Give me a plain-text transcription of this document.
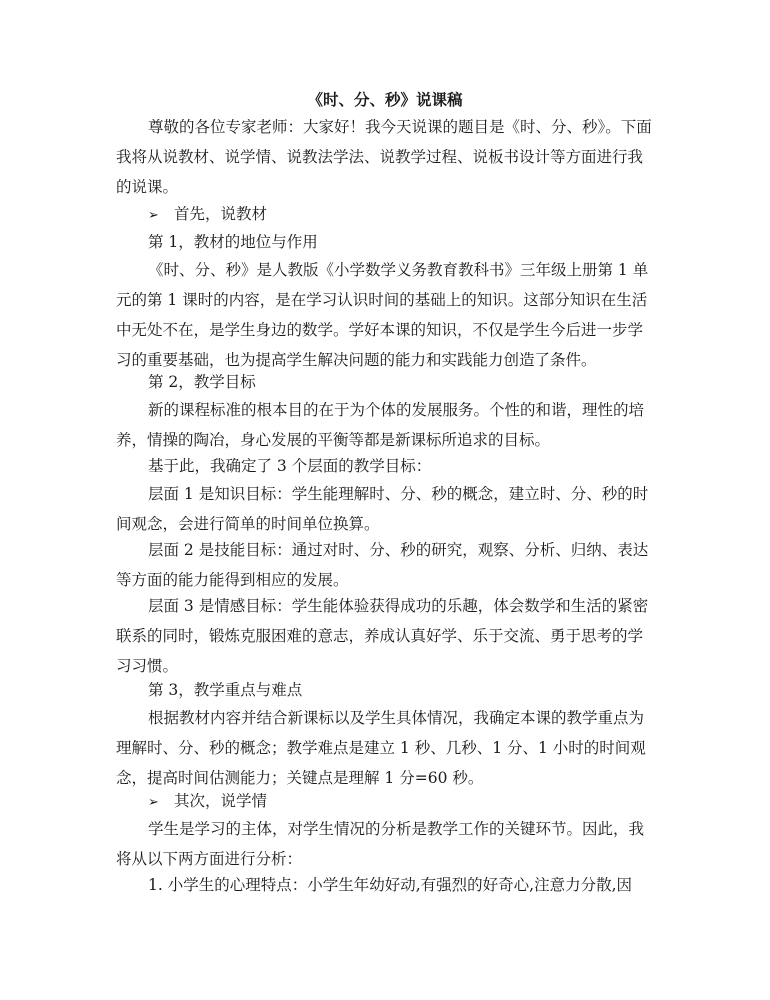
《时、分、秒》说课稿

尊敬的各位专家老师：大家好！我今天说课的题目是《时、分、秒》。下面我将从说教材、说学情、说教法学法、说教学过程、说板书设计等方面进行我的说课。

➢ 首先，说教材

第 1，教材的地位与作用

《时、分、秒》是人教版《小学数学义务教育教科书》三年级上册第 1 单元的第 1 课时的内容，是在学习认识时间的基础上的知识。这部分知识在生活中无处不在，是学生身边的数学。学好本课的知识，不仅是学生今后进一步学习的重要基础，也为提高学生解决问题的能力和实践能力创造了条件。

第 2，教学目标

新的课程标准的根本目的在于为个体的发展服务。个性的和谐，理性的培养，情操的陶冶，身心发展的平衡等都是新课标所追求的目标。

基于此，我确定了 3 个层面的教学目标：

层面 1 是知识目标：学生能理解时、分、秒的概念，建立时、分、秒的时间观念，会进行简单的时间单位换算。

层面 2 是技能目标：通过对时、分、秒的研究，观察、分析、归纳、表达等方面的能力能得到相应的发展。

层面 3 是情感目标：学生能体验获得成功的乐趣，体会数学和生活的紧密联系的同时，锻炼克服困难的意志，养成认真好学、乐于交流、勇于思考的学习习惯。

第 3，教学重点与难点

根据教材内容并结合新课标以及学生具体情况，我确定本课的教学重点为理解时、分、秒的概念；教学难点是建立 1 秒、几秒、1 分、1 小时的时间观念，提高时间估测能力；关键点是理解 1 分=60 秒。

➢ 其次，说学情

学生是学习的主体，对学生情况的分析是教学工作的关键环节。因此，我将从以下两方面进行分析：

1. 小学生的心理特点：小学生年幼好动,有强烈的好奇心,注意力分散,因
